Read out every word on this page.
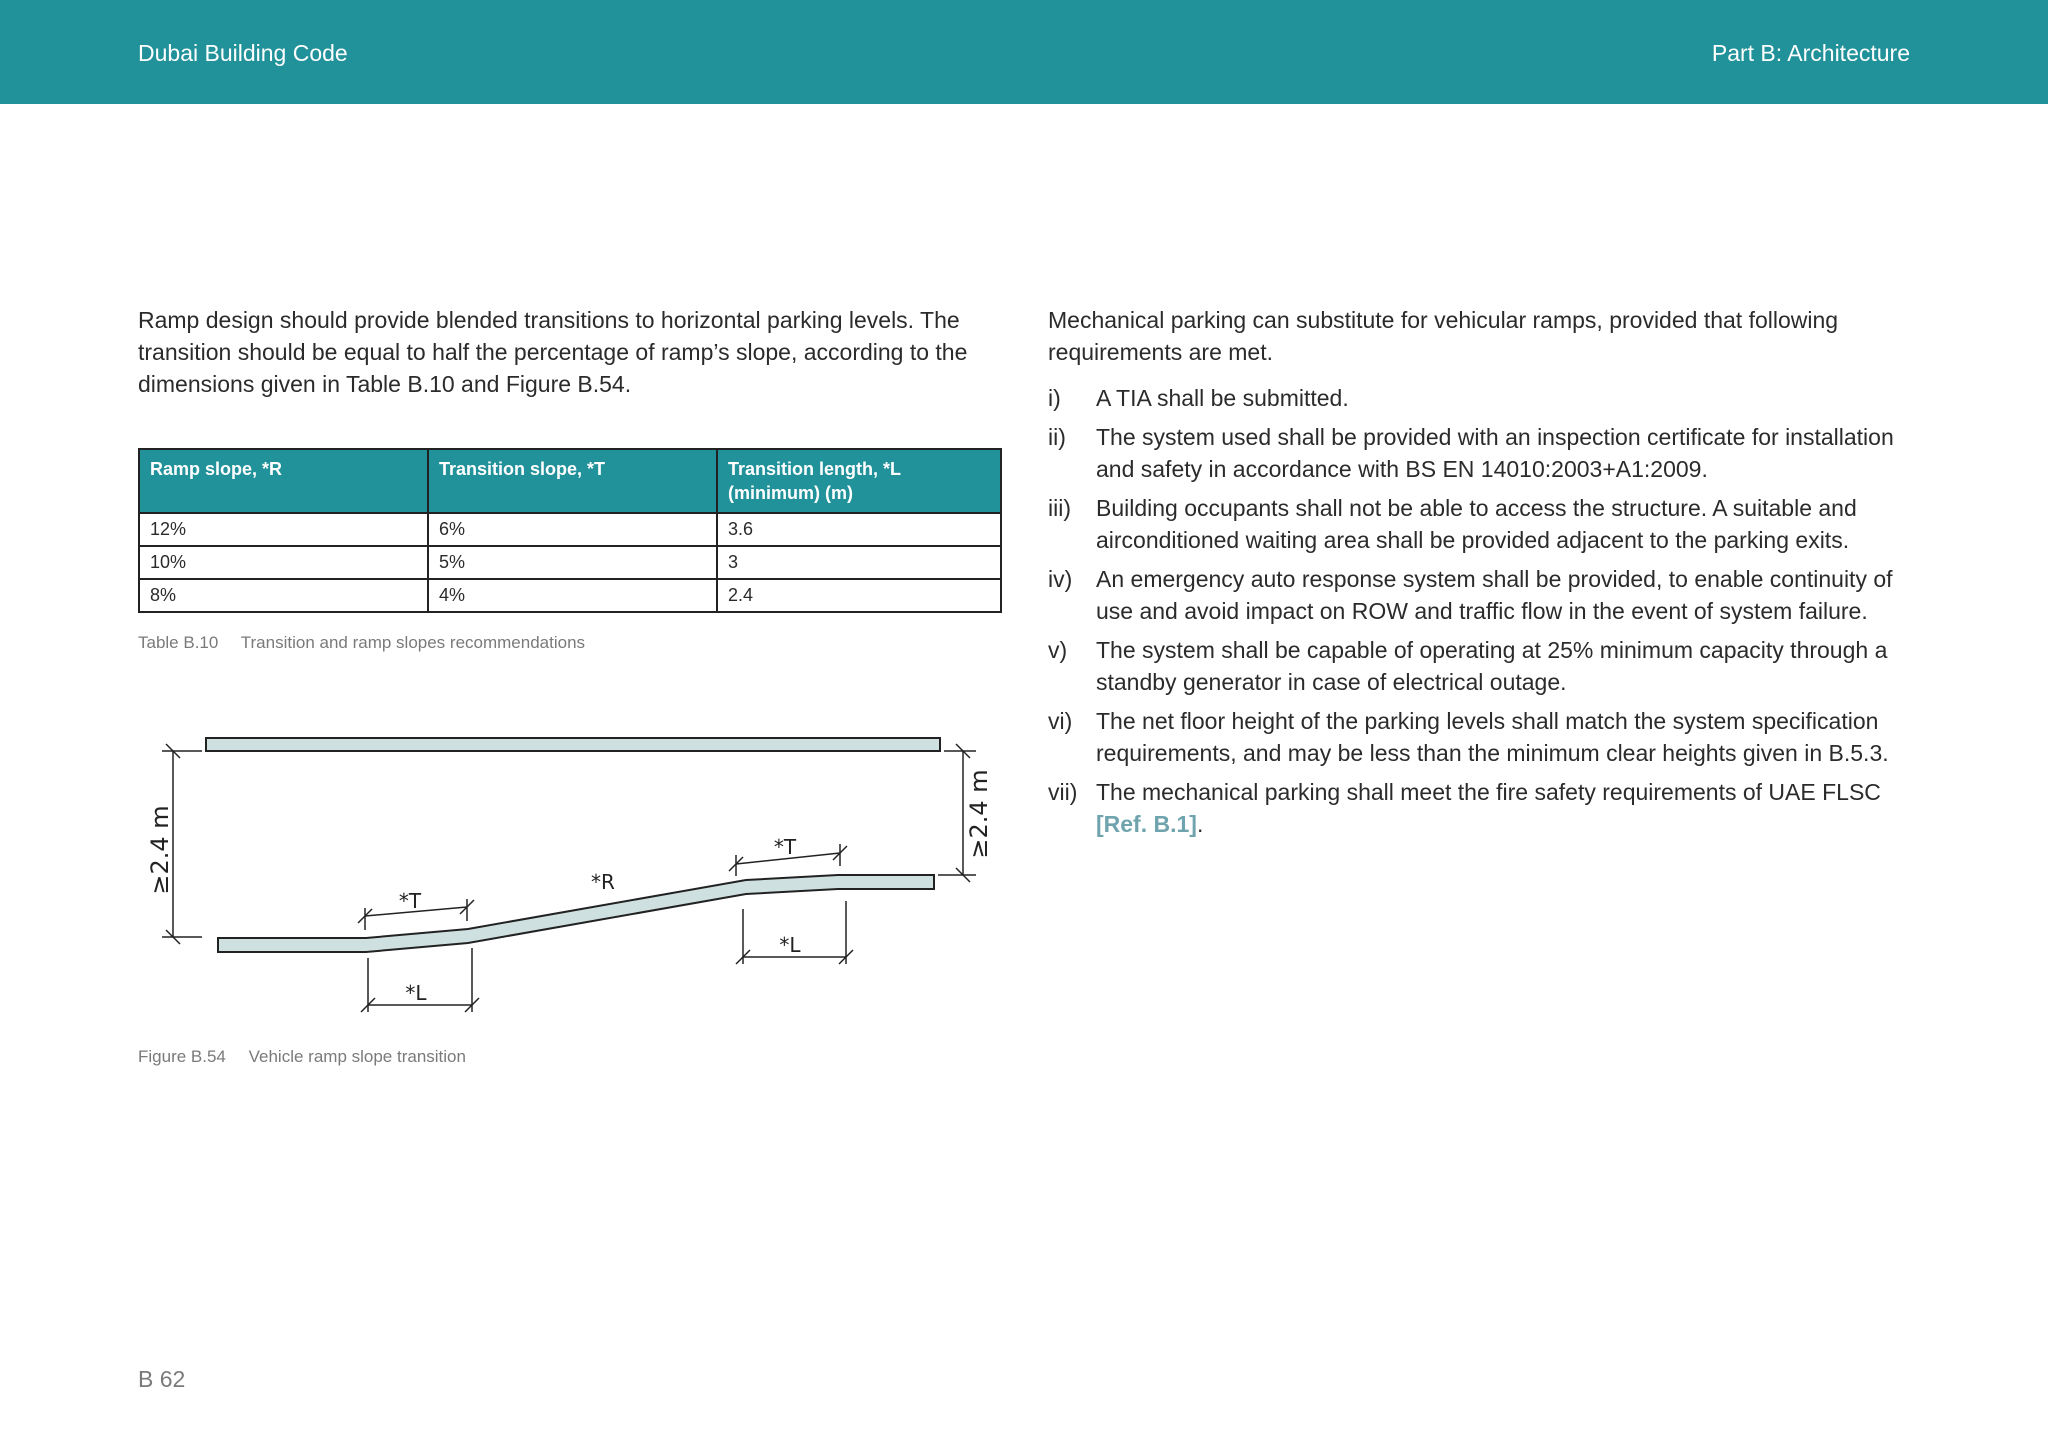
Dubai Building Code	Part B: Architecture

Ramp design should provide blended transitions to horizontal parking levels. The transition should be equal to half the percentage of ramp’s slope, according to the dimensions given in Table B.10 and Figure B.54.

Ramp slope, *R	Transition slope, *T	Transition length, *L (minimum) (m)
12%	6%	3.6
10%	5%	3
8%	4%	2.4
Table B.10 Transition and ramp slopes recommendations
≥2.4 m	≥2.4 m
*T
*R
*T
*L
*L
Figure B.54 Vehicle ramp slope transition

Mechanical parking can substitute for vehicular ramps, provided that following requirements are met.

i)	A TIA shall be submitted.
ii)	The system used shall be provided with an inspection certificate for installation and safety in accordance with BS EN 14010:2003+A1:2009.
iii)	Building occupants shall not be able to access the structure. A suitable and airconditioned waiting area shall be provided adjacent to the parking exits.
iv)	An emergency auto response system shall be provided, to enable continuity of use and avoid impact on ROW and traffic flow in the event of system failure.
v)	The system shall be capable of operating at 25% minimum capacity through a standby generator in case of electrical outage.
vi)	The net floor height of the parking levels shall match the system specification requirements, and may be less than the minimum clear heights given in B.5.3.
vii) The mechanical parking shall meet the fire safety requirements of UAE FLSC [Ref. B.1].
B 62
